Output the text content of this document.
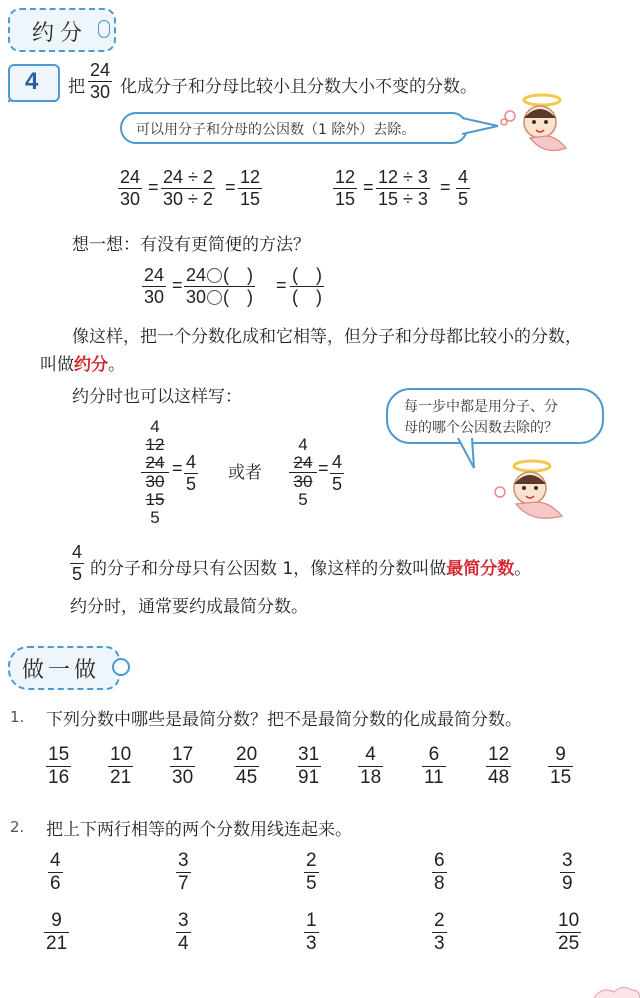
约分
4 把
24
30 化成分子和分母比较小且分数大小不变的分数。
可以用分子和分母的公因数（1 除外）去除。
24
30
= 24 ÷ 2
30 ÷ 2
= 12
15
12
15
= 12 ÷ 3
15 ÷ 3
= 4
5
想一想：有没有更简便的方法？
24
30
= 24 (　)
30 (　)
= (　)
(　)
像这样，把一个分数化成和它相等，但分子和分母都比较小的分数，
叫做约分。
约分时也可以这样写：
4
12
24
30
15
5
= 4
5
或者
4
24
30
5
= 4
5
每一步中都是用分子、分
母的哪个公因数去除的？
4
5 的分子和分母只有公因数 1，像这样的分数叫做最简分数。
约分时，通常要约成最简分数。
做一做
1. 下列分数中哪些是最简分数？把不是最简分数的化成最简分数。
15
16
10
21
17
30
20
45
31
91
4
18
6
11
12
48
9
15
2. 把上下两行相等的两个分数用线连起来。
4
6
3
7
2
5
6
8
3
9
9
21
3
4
1
3
2
3
10
25
